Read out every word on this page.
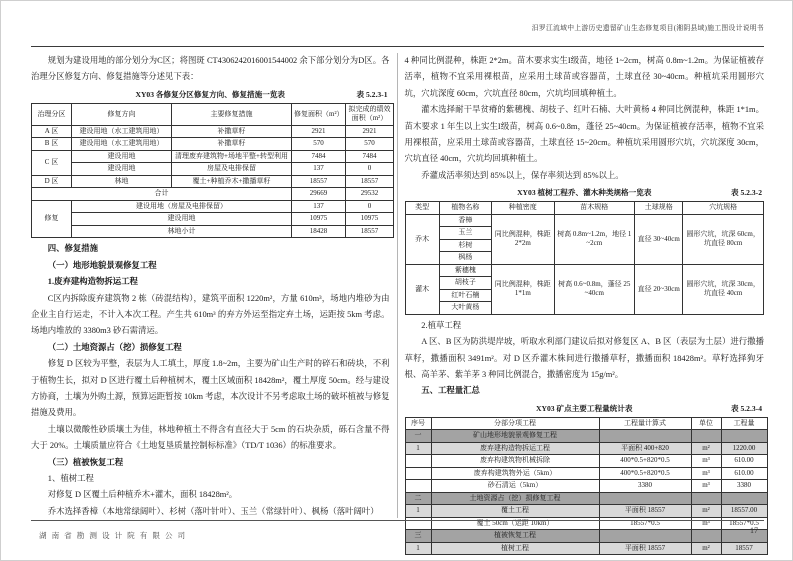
汨罗江流域中上游历史遗留矿山生态修复项目(湘阴县域)施工图设计说明书

规划为建设用地的部分划分为C区；将图斑 CT4306242016001544002 余下部分划分为D区。各治理分区修复方向、修复措施等分述见下表：

XY03 各修复分区修复方向、修复措施一览表	表 5.2.3-1
治理分区	修复方向	主要修复措施	修复面积（m²）	拟完成的绩效面积（m²）
A 区	建设用地（水工建筑用地）	补撒草籽	2921	2921
B 区	建设用地（水工建筑用地）	补撒草籽	570	570
C 区	建设用地	清理废弃建筑物+场地平整+转型利用	7484	7484
	建设用地	房屋及电排保留	137	0
D 区	林地	覆土+种植乔木+撒播草籽	18557	18557
合计			29669	29532
修复	建设用地（房屋及电排保留）		137	0
	建设用地		10975	10975
	林地小计		18428	18557

四、修复措施

（一）地形地貌景观修复工程

1.废弃建构造物拆运工程

C区内拆除废弃建筑物 2 栋（砖混结构），建筑平面积 1220m²，方量 610m³，场地内堆砂为由企业主自行运走，不计入本次工程。产生共 610m³ 的弃方外运至指定弃土场，运距按 5km 考虑。场地内堆放的 3380m3 砂石需清运。

（二）土地资源占（挖）损修复工程

修复 D 区较为平整，表层为人工填土，厚度 1.8~2m，主要为矿山生产时的碎石和砖块，不利于植物生长，拟对 D 区进行覆土后种植树木，覆土区域面积 18428m²，覆土厚度 50cm。经与建设方协商，土壤为外购土源，预算运距暂按 10km 考虑，本次设计不另考虑取土场的破坏植被与修复措施及费用。

土壤以微酸性砂质壤土为佳，林地种植土不得含有直径大于 5cm 的石块杂质，砾石含量不得大于 20%。土壤质量应符合《土地复垦质量控制标标准》（TD/T 1036）的标准要求。

（三）植被恢复工程

1、植树工程

对修复 D 区覆土后种植乔木+灌木，面积 18428m²。

乔木选择香樟（本地常绿阔叶）、杉树（落叶针叶）、玉兰（常绿针叶）、枫杨（落叶阔叶）

4 种同比例混种，株距 2*2m。苗木要求实生I级苗，地径 1~2cm，树高 0.8m~1.2m。为保证植被存活率，植物不宜采用裸根苗，应采用土球苗或容器苗，土球直径 30~40cm。种植坑采用圆形穴坑，穴坑深度 60cm，穴坑直径 80cm，穴坑均回填种植土。

灌木选择耐干旱贫瘠的紫穗槐、胡枝子、红叶石楠、大叶黄杨 4 种同比例混种，株距 1*1m。苗木要求 1 年生以上实生I级苗，树高 0.6~0.8m，蓬径 25~40cm。为保证植被存活率，植物不宜采用裸根苗，应采用土球苗或容器苗，土球直径 15~20cm。种植坑采用圆形穴坑，穴坑深度 30cm，穴坑直径 40cm，穴坑均回填种植土。

乔灌成活率须达到 85%以上，保存率须达到 85%以上。

XY03 植树工程乔、灌木种类规格一览表	表 5.2.3-2
类型	植物名称	种植密度	苗木规格	土球规格	穴坑规格
乔木	香樟	同比例混种，株距 2*2m	树高 0.8m~1.2m，地径 1~2cm	直径 30~40cm	圆形穴坑，坑深 60cm，坑直径 80cm
	玉兰				
	杉树				
	枫杨				
灌木	紫穗槐	同比例混种，株距 1*1m	树高 0.6~0.8m，蓬径 25~40cm	直径 20~30cm	圆形穴坑，坑深 30cm，坑直径 40cm
	胡枝子				
	红叶石楠				
	大叶黄杨				

2.植草工程

A 区、B 区为防洪堤岸坡，听取水利部门建议后拟对修复区 A、B 区（表层为土层）进行撒播草籽，撒播面积 3491m²。对 D 区乔灌木株间进行撒播草籽，撒播面积 18428m²。草籽选择狗牙根、高羊茅、紫羊茅 3 种同比例混合，撒播密度为 15g/m²。

五、工程量汇总

XY03 矿点主要工程量统计表	表 5.2.3-4
序号	分部分项工程	工程量计算式	单位	工程量
一	矿山地形地貌景观修复工程			
1	废弃建构造物拆运工程	平面积 400+820	m²	1220.00
	废弃构建筑物机械拆除	400*0.5+820*0.5	m³	610.00
	废弃构建筑物外运（5km）	400*0.5+820*0.5	m³	610.00
	砂石清运（5km）	3380	m³	3380
二	土地资源占（挖）损修复工程			
1	覆土工程	平面积 18557	m²	18557.00
	覆土 50cm（运距 10km）	18557*0.5	m³	18557*0.5
三	植被恢复工程			
1	植树工程	平面积 18557	m²	18557
湖南省勘测设计院有限公司
17
